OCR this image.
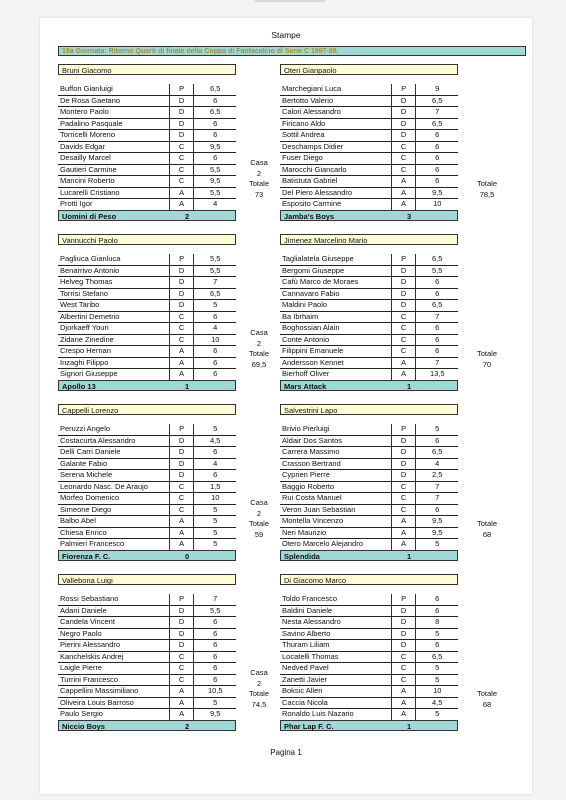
Stampe
19a Giornata: Ritorno Quarti di finale della Coppa di Fantacalcio di Serie C 1997-98.
Bruni Giacomo
Buffon Gianluigi	P	6,5
De Rosa Gaetano	D	6
Montero Paolo	D	6,5
Padalino Pasquale	D	6
Torricelli Moreno	D	6
Davids Edgar	C	9,5
Desailly Marcel	C	6
Gautieri Carmine	C	5,5
Mancini Roberto	C	9,5
Lucarelli Cristiano	A	5,5
Protti Igor	A	4
Uomini di Peso	2
Casa
2
Totale
73
Oteri Gianpaolo
Marchegiani Luca	P	9
Bertotto Valerio	D	6,5
Calori Alessandro	D	7
Firicano Aldo	D	6,5
Sottil Andrea	D	6
Deschamps Didier	C	6
Fuser Diego	C	6
Marocchi Giancarlo	C	6
Batistuta Gabriel	A	6
Del Piero Alessandro	A	9,5
Esposito Carmine	A	10
Jamba's Boys	3
Totale
78,5
Vannucchi Paolo
Pagliuca Gianluca	P	5,5
Benarrivo Antonio	D	5,5
Helveg Thomas	D	7
Torrisi Stefano	D	6,5
West Taribo	D	5
Albertini Demetrio	C	6
Djorkaeff Youri	C	4
Zidane Zinedine	C	10
Crespo Hernan	A	6
Inzaghi Filippo	A	6
Signori Giuseppe	A	6
Apollo 13	1
Casa
2
Totale
69,5
Jimenez Marcelino Mario
Taglialatela Giuseppe	P	6,5
Bergomi Giuseppe	D	5,5
Cafù Marco de Moraes	D	6
Cannavaro Fabio	D	6
Maldini Paolo	D	6,5
Ba Ibrhaim	C	7
Boghossian Alain	C	6
Conte Antonio	C	6
Filippini Emanuele	C	6
Andersson Kennet	A	7
Bierhoff Oliver	A	13,5
Mars Attack	1
Totale
70
Cappelli Lorenzo
Peruzzi Angelo	P	5
Costacurta Alessandro	D	4,5
Delli Carri Daniele	D	6
Galante Fabio	D	4
Serena Michele	D	6
Leonardo Nasc. De Araujo	C	1,5
Morfeo Domenico	C	10
Simeone Diego	C	5
Balbo Abel	A	5
Chiesa Enrico	A	5
Palmieri Francesco	A	5
Fiorenza F. C.	0
Casa
2
Totale
59
Salvestrini Lapo
Brivio Pierluigi	P	5
Aldair Dos Santos	D	6
Carrera Massimo	D	6,5
Crasson Bertrand	D	4
Cyprien Pierre	D	2,5
Baggio Roberto	C	7
Rui Costa Manuel	C	7
Veron Juan Sebastian	C	6
Montella Vincenzo	A	9,5
Neri Maurizio	A	9,5
Otero Marcelo Alejandro	A	5
Splendida	1
Totale
68
Vallebona Luigi
Rossi Sebastiano	P	7
Adani Daniele	D	5,5
Candela Vincent	D	6
Negro Paolo	D	6
Pierini Alessandro	D	6
Kanchelskis Andrej	C	6
Laigle Pierre	C	6
Turrini Francesco	C	6
Cappellini Massimiliano	A	10,5
Oliveira Louis Barroso	A	5
Paulo Sergio	A	9,5
Niccio Boys	2
Casa
2
Totale
74,5
Di Giacomo Marco
Toldo Francesco	P	6
Baldini Daniele	D	6
Nesta Alessandro	D	8
Savino Alberto	D	5
Thuram Liliam	D	6
Locatelli Thomas	C	6,5
Nedved Pavel	C	5
Zanetti Javier	C	5
Boksic Allen	A	10
Caccia Nicola	A	4,5
Ronaldo Luis Nazario	A	5
Phar Lap F. C.	1
Totale
68
Pagina 1
